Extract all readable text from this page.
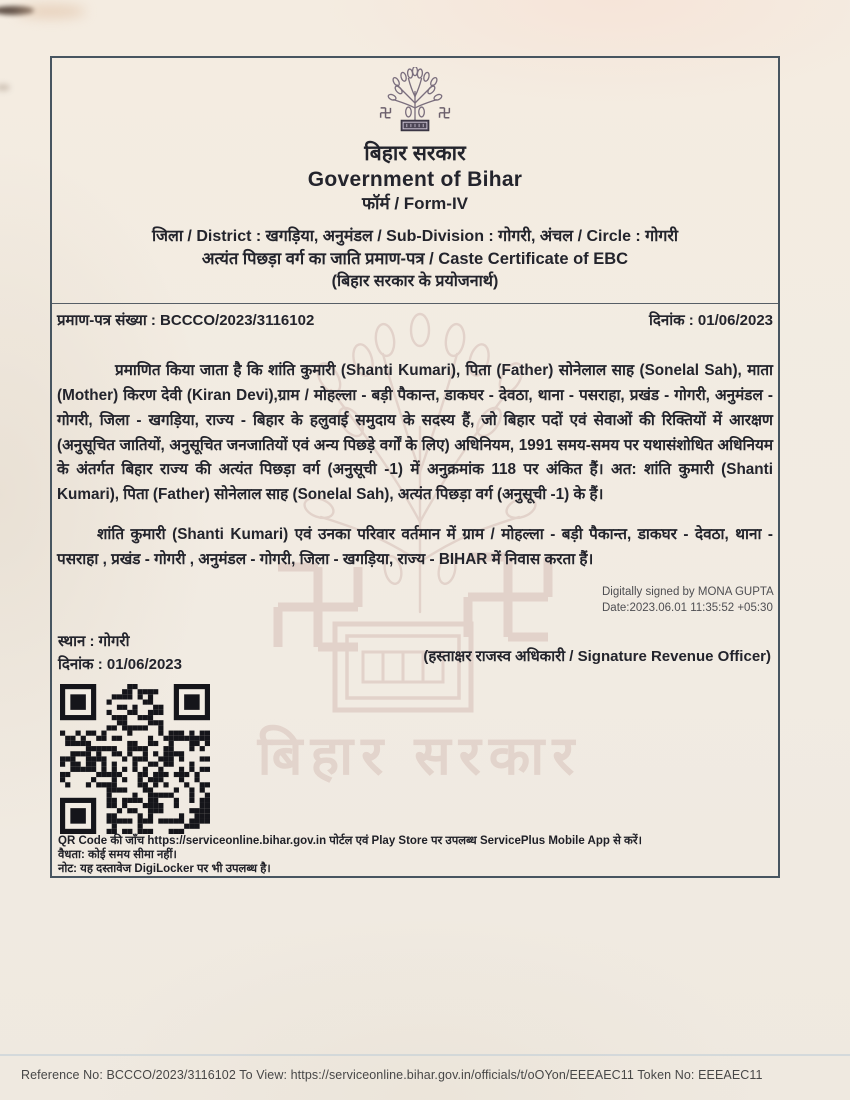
बिहार सरकार
बिहार सरकार
Government of Bihar
फॉर्म / Form-IV
जिला / District : खगड़िया, अनुमंडल / Sub-Division : गोगरी, अंचल / Circle : गोगरी
अत्यंत पिछड़ा वर्ग का जाति प्रमाण-पत्र / Caste Certificate of EBC
(बिहार सरकार के प्रयोजनार्थ)
प्रमाण-पत्र संख्या : BCCCO/2023/3116102	दिनांक : 01/06/2023

प्रमाणित किया जाता है कि शांति कुमारी (Shanti Kumari), पिता (Father) सोनेलाल साह (Sonelal Sah), माता (Mother) किरण देवी (Kiran Devi),ग्राम / मोहल्ला - बड़ी पैकान्त, डाकघर - देवठा, थाना - पसराहा, प्रखंड - गोगरी, अनुमंडल - गोगरी, जिला - खगड़िया, राज्य - बिहार के हलुवाई समुदाय के सदस्य हैं, जो बिहार पदों एवं सेवाओं की रिक्तियों में आरक्षण (अनुसूचित जातियों, अनुसूचित जनजातियों एवं अन्य पिछड़े वर्गों के लिए) अधिनियम, 1991 समय-समय पर यथासंशोधित अधिनियम के अंतर्गत बिहार राज्य की अत्यंत पिछड़ा वर्ग (अनुसूची -1) में अनुक्रमांक 118 पर अंकित हैं। अत: शांति कुमारी (Shanti Kumari), पिता (Father) सोनेलाल साह (Sonelal Sah), अत्यंत पिछड़ा वर्ग (अनुसूची -1) के हैं।

शांति कुमारी (Shanti Kumari) एवं उनका परिवार वर्तमान में ग्राम / मोहल्ला - बड़ी पैकान्त, डाकघर - देवठा, थाना - पसराहा , प्रखंड - गोगरी , अनुमंडल - गोगरी, जिला - खगड़िया, राज्य - BIHAR में निवास करता हैं।

Digitally signed by MONA GUPTA
Date:2023.06.01 11:35:52 +05:30
स्थान : गोगरी
दिनांक : 01/06/2023	(हस्ताक्षर राजस्व अधिकारी / Signature Revenue Officer)
QR Code की जाँच https://serviceonline.bihar.gov.in पोर्टल एवं Play Store पर उपलब्ध ServicePlus Mobile App से करें।
वैधता: कोई समय सीमा नहीं।
नोट: यह दस्तावेज DigiLocker पर भी उपलब्ध है।
Reference No: BCCCO/2023/3116102 To View: https://serviceonline.bihar.gov.in/officials/t/oOYon/EEEAEC11 Token No: EEEAEC11
